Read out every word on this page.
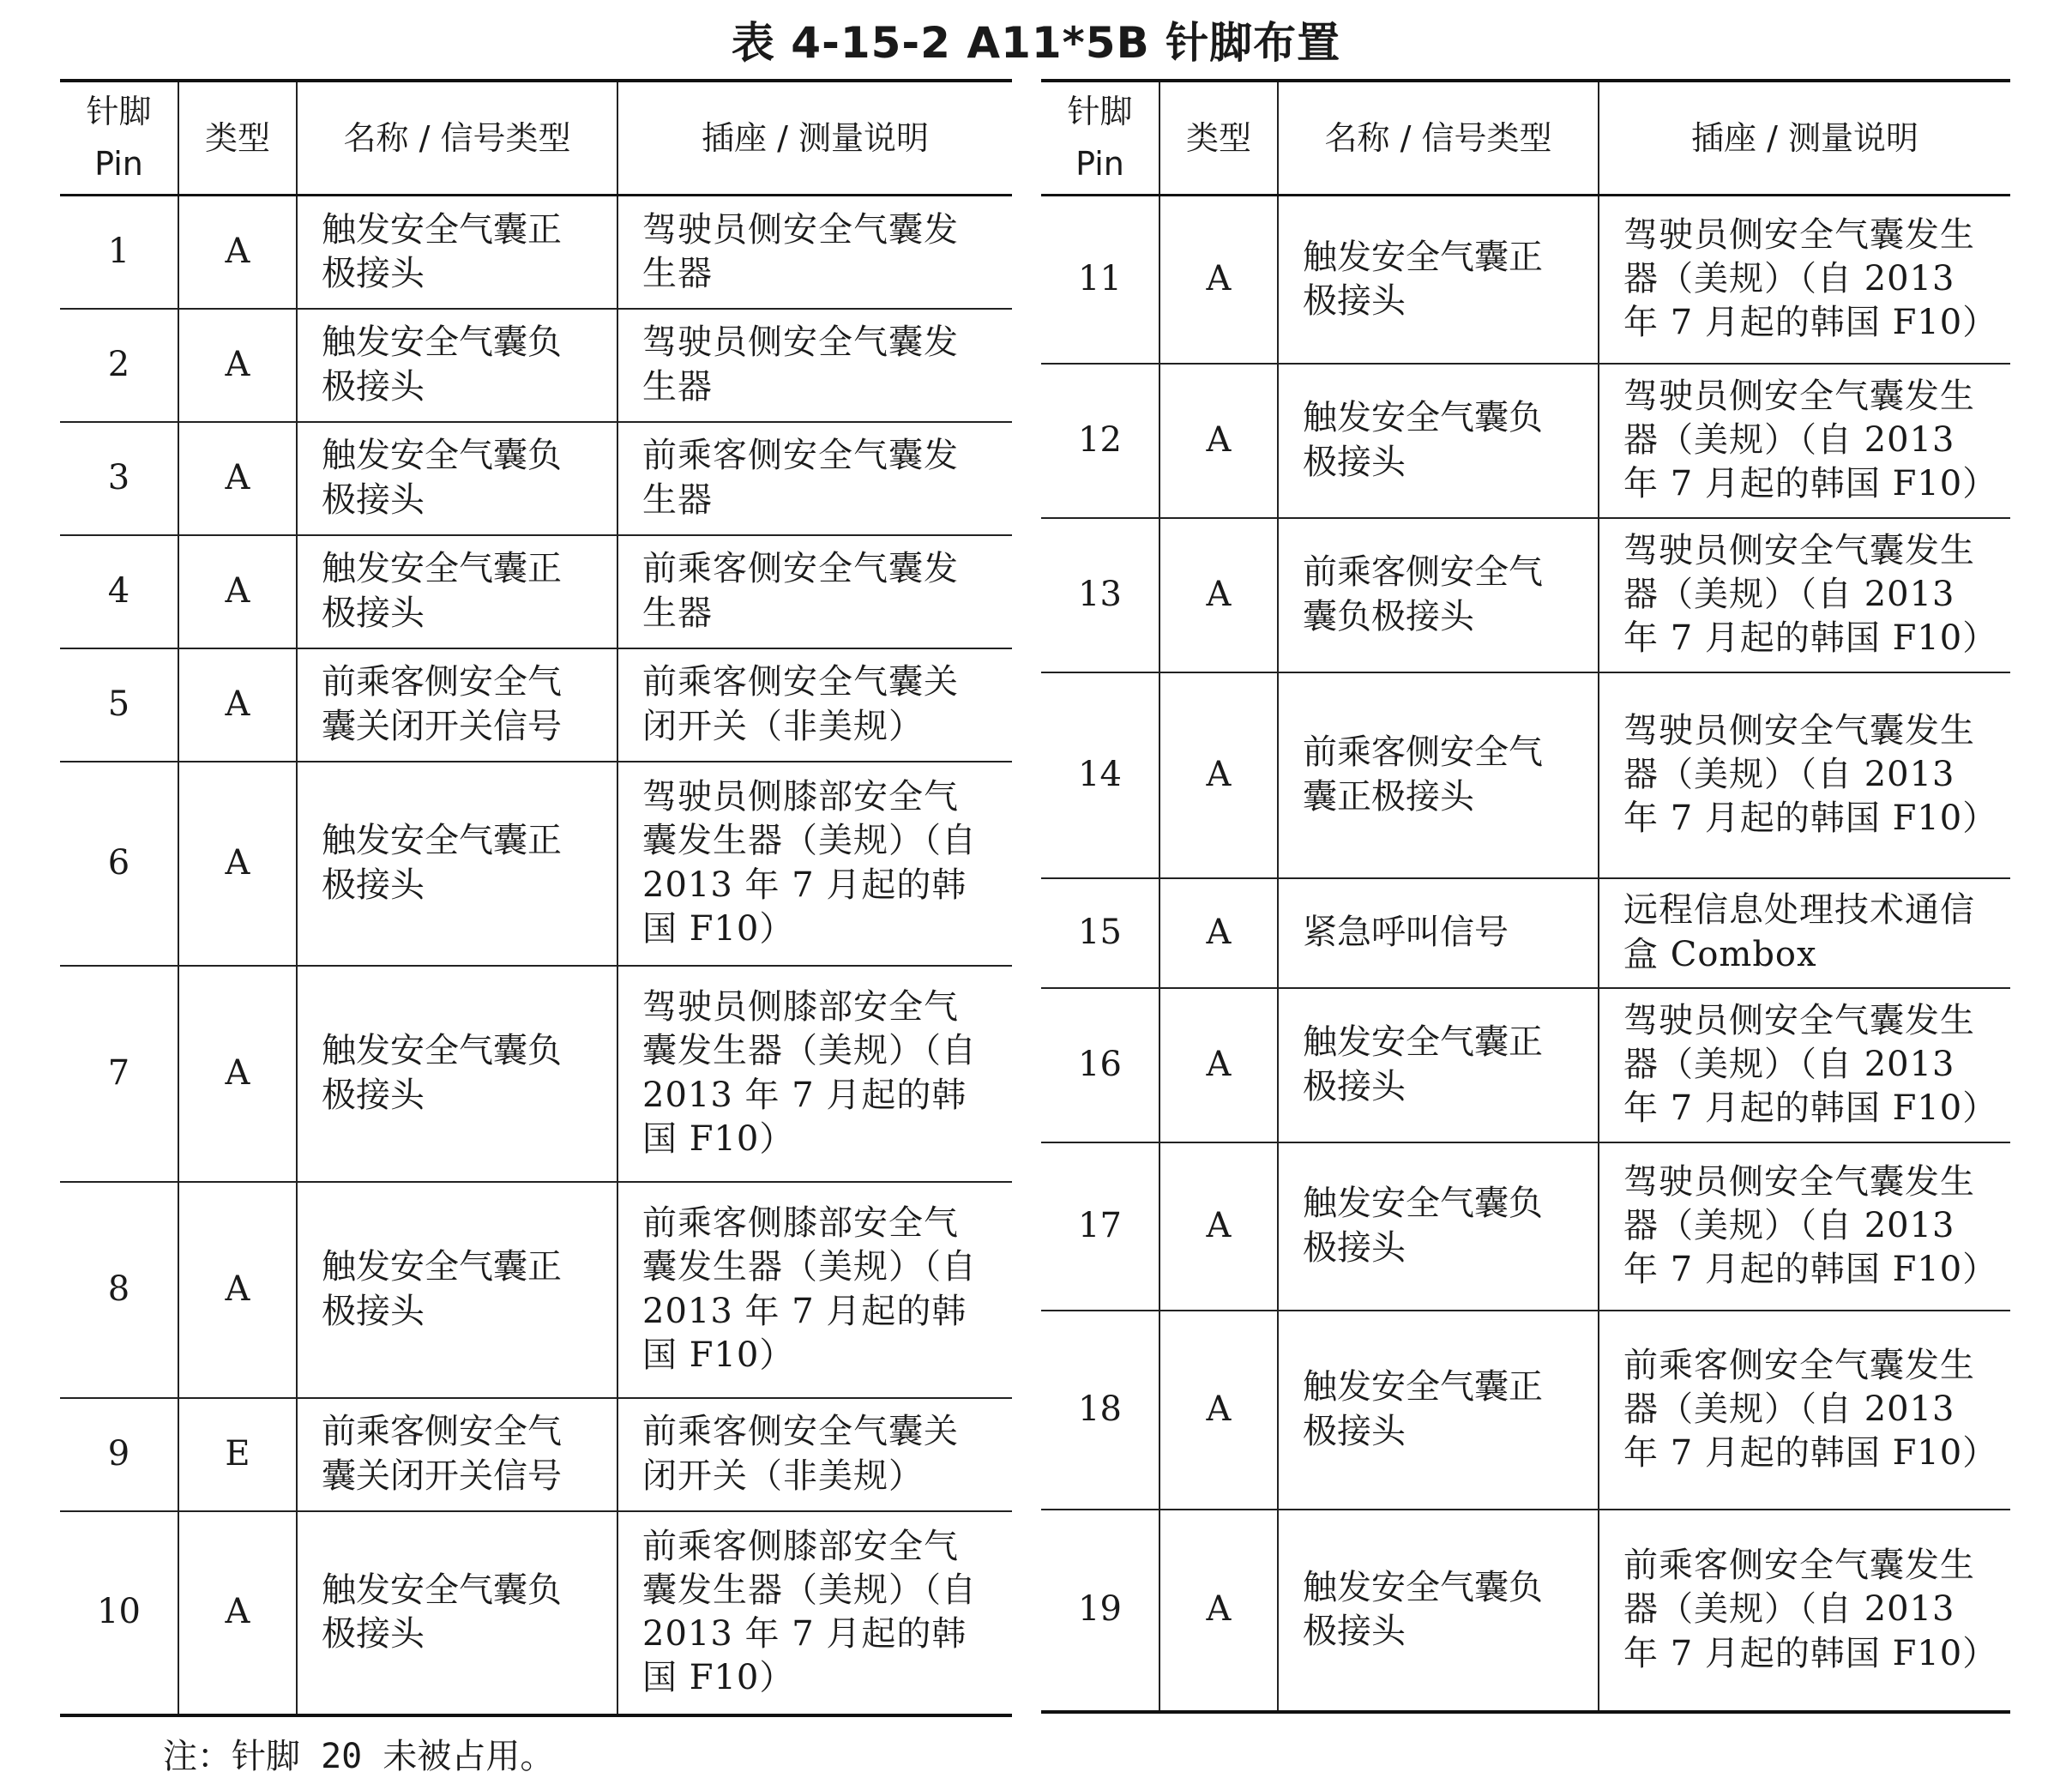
表 4-15-2 A11*5B 针脚布置
针脚
Pin	类型	名称 / 信号类型	插座 / 测量说明
1	A	触发安全气囊正极接头	驾驶员侧安全气囊发生器
2	A	触发安全气囊负极接头	驾驶员侧安全气囊发生器
3	A	触发安全气囊负极接头	前乘客侧安全气囊发生器
4	A	触发安全气囊正极接头	前乘客侧安全气囊发生器
5	A	前乘客侧安全气囊关闭开关信号	前乘客侧安全气囊关闭开关（非美规）
6	A	触发安全气囊正极接头	驾驶员侧膝部安全气囊发生器（美规）（自 2013 年 7 月起的韩国 F10）
7	A	触发安全气囊负极接头	驾驶员侧膝部安全气囊发生器（美规）（自 2013 年 7 月起的韩国 F10）
8	A	触发安全气囊正极接头	前乘客侧膝部安全气囊发生器（美规）（自 2013 年 7 月起的韩国 F10）
9	E	前乘客侧安全气囊关闭开关信号	前乘客侧安全气囊关闭开关（非美规）
10	A	触发安全气囊负极接头	前乘客侧膝部安全气囊发生器（美规）（自 2013 年 7 月起的韩国 F10）
针脚
Pin	类型	名称 / 信号类型	插座 / 测量说明
11	A	触发安全气囊正极接头	驾驶员侧安全气囊发生器（美规）（自 2013 年 7 月起的韩国 F10）
12	A	触发安全气囊负极接头	驾驶员侧安全气囊发生器（美规）（自 2013 年 7 月起的韩国 F10）
13	A	前乘客侧安全气囊负极接头	驾驶员侧安全气囊发生器（美规）（自 2013 年 7 月起的韩国 F10）
14	A	前乘客侧安全气囊正极接头	驾驶员侧安全气囊发生器（美规）（自 2013 年 7 月起的韩国 F10）
15	A	紧急呼叫信号	远程信息处理技术通信盒 Combox
16	A	触发安全气囊正极接头	驾驶员侧安全气囊发生器（美规）（自 2013 年 7 月起的韩国 F10）
17	A	触发安全气囊负极接头	驾驶员侧安全气囊发生器（美规）（自 2013 年 7 月起的韩国 F10）
18	A	触发安全气囊正极接头	前乘客侧安全气囊发生器（美规）（自 2013 年 7 月起的韩国 F10）
19	A	触发安全气囊负极接头	前乘客侧安全气囊发生器（美规）（自 2013 年 7 月起的韩国 F10）
注：针脚 20 未被占用。
